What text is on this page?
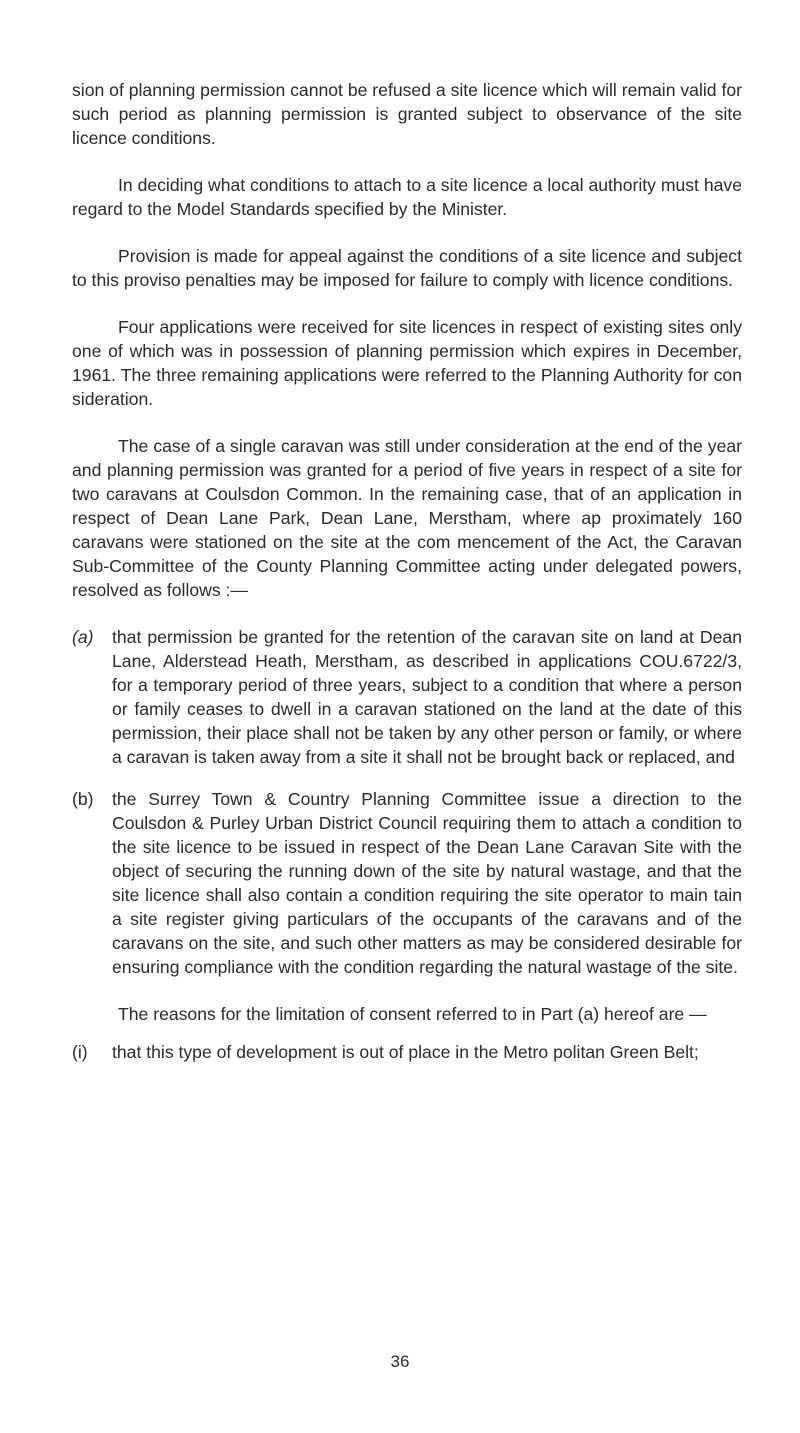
sion of planning permission cannot be refused a site licence which will remain valid for such period as planning permission is granted subject to observance of the site licence conditions.

In deciding what conditions to attach to a site licence a local authority must have regard to the Model Standards specified by the Minister.

Provision is made for appeal against the conditions of a site licence and subject to this proviso penalties may be imposed for failure to comply with licence conditions.

Four applications were received for site licences in respect of existing sites only one of which was in possession of planning permission which expires in December, 1961. The three remaining applications were referred to the Planning Authority for con sideration.

The case of a single caravan was still under consideration at the end of the year and planning permission was granted for a period of five years in respect of a site for two caravans at Coulsdon Common. In the remaining case, that of an application in respect of Dean Lane Park, Dean Lane, Merstham, where ap proximately 160 caravans were stationed on the site at the com mencement of the Act, the Caravan Sub-Committee of the County Planning Committee acting under delegated powers, resolved as follows :—

(a)	that permission be granted for the retention of the caravan site on land at Dean Lane, Alderstead Heath, Merstham, as described in applications COU.6722/3, for a temporary period of three years, subject to a condition that where a person or family ceases to dwell in a caravan stationed on the land at the date of this permission, their place shall not be taken by any other person or family, or where a caravan is taken away from a site it shall not be brought back or replaced, and
(b)	the Surrey Town & Country Planning Committee issue a direction to the Coulsdon & Purley Urban District Council requiring them to attach a condition to the site licence to be issued in respect of the Dean Lane Caravan Site with the object of securing the running down of the site by natural wastage, and that the site licence shall also contain a condition requiring the site operator to main tain a site register giving particulars of the occupants of the caravans and of the caravans on the site, and such other matters as may be considered desirable for ensuring compliance with the condition regarding the natural wastage of the site.

The reasons for the limitation of consent referred to in Part (a) hereof are —

(i)	that this type of development is out of place in the Metro politan Green Belt;
36
